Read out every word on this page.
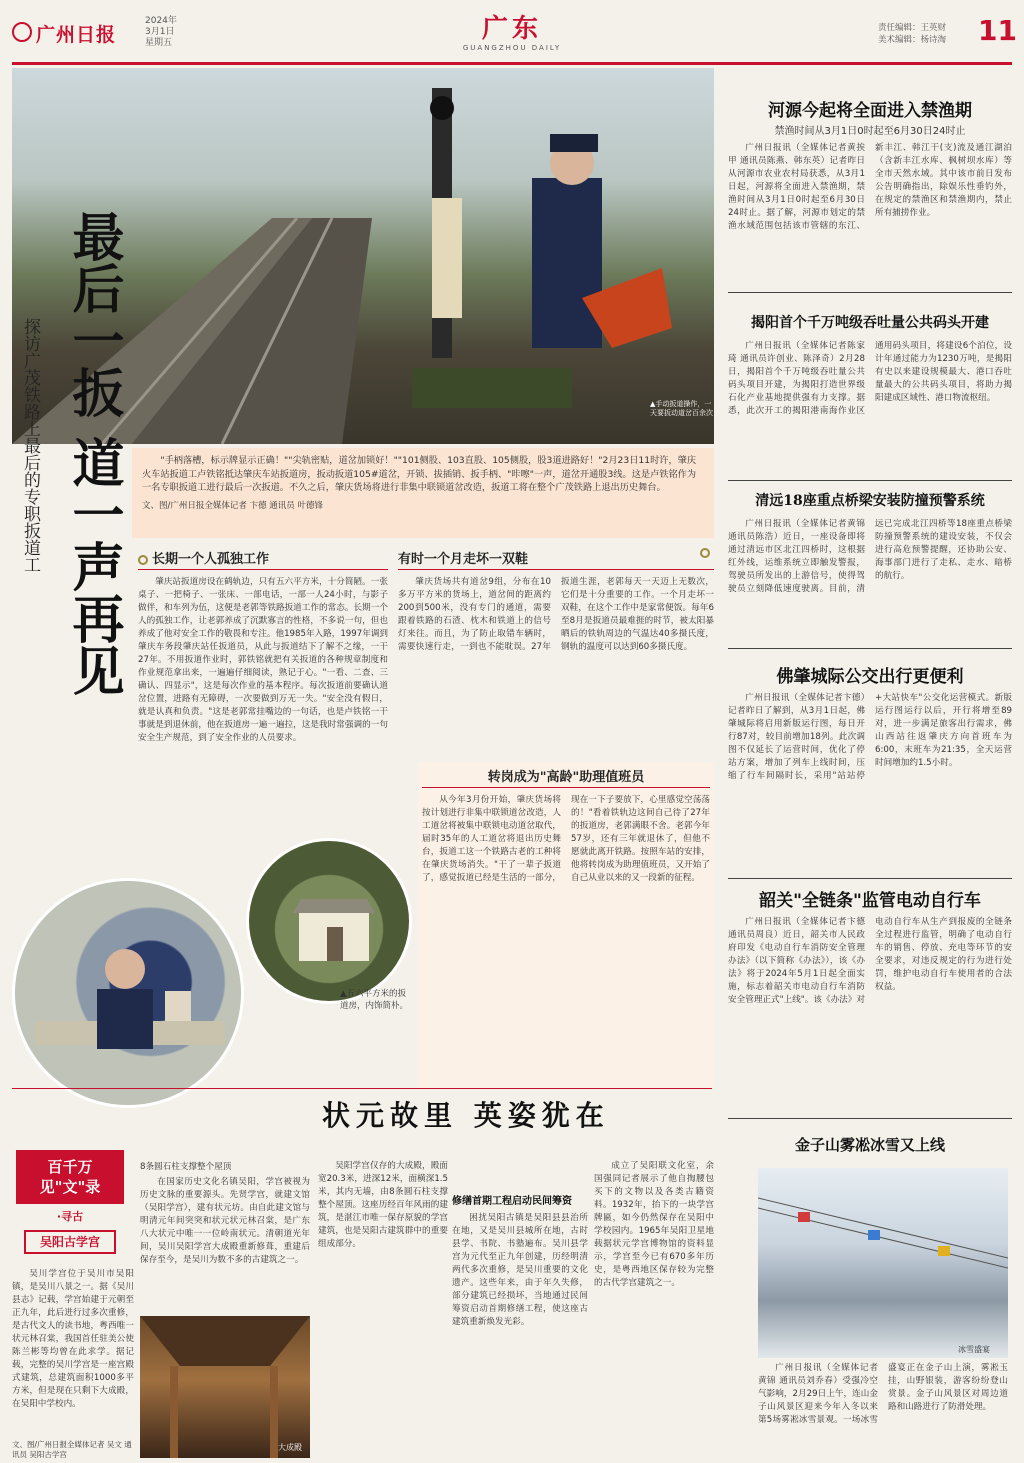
广州日报
2024年
3月1日
星期五	广东
GUANGZHOU DAILY
责任编辑：王英财
美术编辑：杨诗淘 11
▲手动扳道操作，一天要扳动道岔百余次
最后一扳 道一声再见
探访广茂铁路上最后的专职扳道工	"手柄落槽，标示牌显示正确！""尖轨密贴，道岔加锁好！""101侧股、103直股、105侧股，股3道进路好！"2月23日11时许，肇庆火车站扳道工卢铁铭抵达肇庆车站扳道房，扳动扳道105#道岔，开锁、拔插销、扳手柄、"咔嚓"一声，道岔开通股3线。这是卢铁铭作为一名专职扳道工进行最后一次扳道。不久之后，肇庆货场将进行非集中联锁道岔改造，扳道工将在整个广茂铁路上退出历史舞台。

文、图/广州日报全媒体记者 卞德 通讯员 叶德锋
长期一个人孤独工作

肇庆站扳道房设在鹤轨边，只有五六平方米，十分简陋。一张桌子、一把椅子、一张床、一部电话，一部一人24小时，与影子做伴，和车列为伍，这便是老郭等铁路扳道工作的常态。长期一个人的孤独工作，让老郭养成了沉默寡言的性格，不多说一句，但也养成了他对安全工作的敬畏和专注。他1985年入路，1997年调到肇庆车务段肇庆站任扳道员，从此与扳道结下了解不之缘，一干27年。不用扳道作业时，郭铁铭就把有关扳道的各种规章制度和作业规范拿出来，一遍遍仔细阅读，熟记于心。"一看、二查、三确认、四显示"，这是每次作业的基本程序。每次扳道前要确认道岔位置，进路有无障碍，一次要做到万无一失。"安全没有假日，就是认真和负责。"这是老郭常挂嘴边的一句话，也是卢铁铭一干事就是到退休前，他在扳道房一遍一遍拉，这是我时常强调的一句安全生产规范，到了安全作业的人员要求。

有时一个月走坏一双鞋

肇庆货场共有道岔9组，分布在10多万平方米的货场上，道岔间的距离约200到500米，没有专门的通道，需要跟着铁路的石渣、枕木和铁道上的信号灯来往。而且，为了防止取错车辆时，需要快速行走，一到也不能耽误。27年扳道生涯，老郭每天一天迈上无数次，它们是十分重要的工作。一个月走坏一双鞋，在这个工作中是家常便饭。每年6至8月是扳道员最难捱的时节，被太阳暴晒后的铁轨周边的气温达40多摄氏度，钢轨的温度可以达到60多摄氏度。

转岗成为"高龄"助理值班员

从今年3月份开始，肇庆货场将按计划进行非集中联锁道岔改造，人工道岔将被集中联锁电动道岔取代，届时35年的人工道岔将退出历史舞台，扳道工这一个铁路古老的工种将在肇庆货场消失。"干了一辈子扳道了，感觉扳道已经是生活的一部分，现在一下子要放下，心里感觉空荡荡的！"看着铁轨边这间自己待了27年的扳道房，老郭满眼不舍。老郭今年57岁，还有三年就退休了，但他不愿就此离开铁路。按照车站的安排，他将转岗成为助理值班员，又开始了自己从业以来的又一段新的征程。

▲五六平方米的扳道房，内饰简朴。
河源今起将全面进入禁渔期
禁渔时间从3月1日0时起至6月30日24时止

广州日报讯（全媒体记者黄挨甲 通讯员陈燕、韩东英）记者昨日从河源市农业农村局获悉，从3月1日起，河源将全面进入禁渔期，禁渔时间从3月1日0时起至6月30日24时止。据了解，河源市划定的禁渔水域范围包括该市管辖的东江、新丰江、韩江干(支)流及通江湖泊（含新丰江水库、枫树坝水库）等全市天然水域。其中该市前日发布公告明确指出，除娱乐性垂钓外，在规定的禁渔区和禁渔期内，禁止所有捕捞作业。

揭阳首个千万吨级吞吐量公共码头开建

广州日报讯（全媒体记者陈家琦 通讯员许创业、陈泽奇）2月28日，揭阳首个千万吨级吞吐量公共码头项目开建，为揭阳打造世界级石化产业基地提供强有力支撑。据悉，此次开工的揭阳港南海作业区通用码头项目，将建设6个泊位，设计年通过能力为1230万吨，是揭阳有史以来建设规模最大、港口吞吐量最大的公共码头项目，将助力揭阳建成区域性、港口物流枢纽。

清远18座重点桥梁安装防撞预警系统

广州日报讯（全媒体记者黄锦 通讯员陈浩）近日，一座设备即将通过清远市区北江四桥时，这根据红外线，运维系统立即触发警报，驾驶员所发出的上游信号，使得驾驶员立刻降低速度驶离。目前，清远已完成北江四桥等18座重点桥梁防撞预警系统的建设安装，不仅会进行高危预警提醒，还协助公安、海事部门进行了走私、走水、暗桥的航行。

佛肇城际公交出行更便利

广州日报讯（全媒体记者卞德）记者昨日了解到，从3月1日起，佛肇城际将启用新版运行图，每日开行87对，较目前增加18列。此次调图不仅延长了运营时间，优化了停站方案，增加了列车上线时间，压缩了行车间隔时长，采用"站站停+大站快车"公交化运营模式。新版运行图运行以后，开行将增至89对，进一步满足旅客出行需求，佛山西站往返肇庆方向首班车为6:00，末班车为21:35，全天运营时间增加约1.5小时。

韶关"全链条"监管电动自行车

广州日报讯（全媒体记者卞德 通讯员周良）近日，韶关市人民政府印发《电动自行车消防安全管理办法》（以下简称《办法》），该《办法》将于2024年5月1日起全面实施，标志着韶关市电动自行车消防安全管理正式"上线"。该《办法》对电动自行车从生产到报废的全链条全过程进行监管，明确了电动自行车的销售、停放、充电等环节的安全要求，对违反规定的行为进行处罚，维护电动自行车使用者的合法权益。

金子山雾凇冰雪又上线
冰雪盛宴

广州日报讯（全媒体记者黄锦 通讯员刘乔春）受强冷空气影响，2月29日上午，连山金子山风景区迎来今年入冬以来第5场雾凇冰雪景观。一场冰雪盛宴正在金子山上演，雾凇玉挂，山野银装，游客纷纷登山赏景。金子山风景区对周边道路和山路进行了防滑处理。

状元故里 英姿犹在
百千万 见"文"录
·寻古
吴阳古学宫

吴川学宫位于吴川市吴阳镇，是吴川八景之一。据《吴川县志》记载，学宫始建于元朝至正九年，此后进行过多次重修，是古代文人的读书地，粤西唯一状元林召棠，我国首任驻美公使陈兰彬等均曾在此求学。据记载，完整的吴川学宫是一座宫殿式建筑，总建筑面积1000多平方米，但是现在只剩下大成殿，在吴阳中学校内。

文、图/广州日报全媒体记者 吴文 通讯员 吴阳古学宫
8条圆石柱支撑整个屋顶

在国家历史文化名镇吴阳，学宫被视为历史文脉的重要源头。先贤学宫，就建文馆（吴阳学宫），建有状元坊。由自此建文馆与明清元年间突突和状元状元林召棠，是广东八大状元中唯一一位岭南状元。清朝道光年间，吴川吴阳学宫大成殿重新修葺，重建后保存至今，是吴川为数不多的古建筑之一。

大成殿

吴阳学宫仅存的大成殿，殿面宽20.3米，进深12米，面横深1.5米，其内无墙，由8条圆石柱支撑整个屋顶。这座历经百年风雨的建筑，是湛江市唯一保存原貌的学宫建筑，也是吴阳古建筑群中的重要组成部分。

修缮首期工程启动民间筹资

困扰吴阳古镇是吴阳县县治所在地，又是吴川县城所在地，古时县学、书院、书塾遍布。吴川县学宫为元代至正九年创建，历经明清两代多次重修，是吴川重要的文化遗产。这些年来，由于年久失修，部分建筑已经损坏，当地通过民间筹资启动首期修缮工程，使这座古建筑重新焕发光彩。

成立了吴阳联文化室，余国强同记者展示了他自掏腰包买下的文物以及各类古籍资料。1932年，抬下的一块学宫牌匾，如今仍然保存在吴阳中学校园内。1965年吴阳卫星地载据状元学宫博物馆的资料显示，学宫至今已有670多年历史，是粤西地区保存较为完整的古代学宫建筑之一。
